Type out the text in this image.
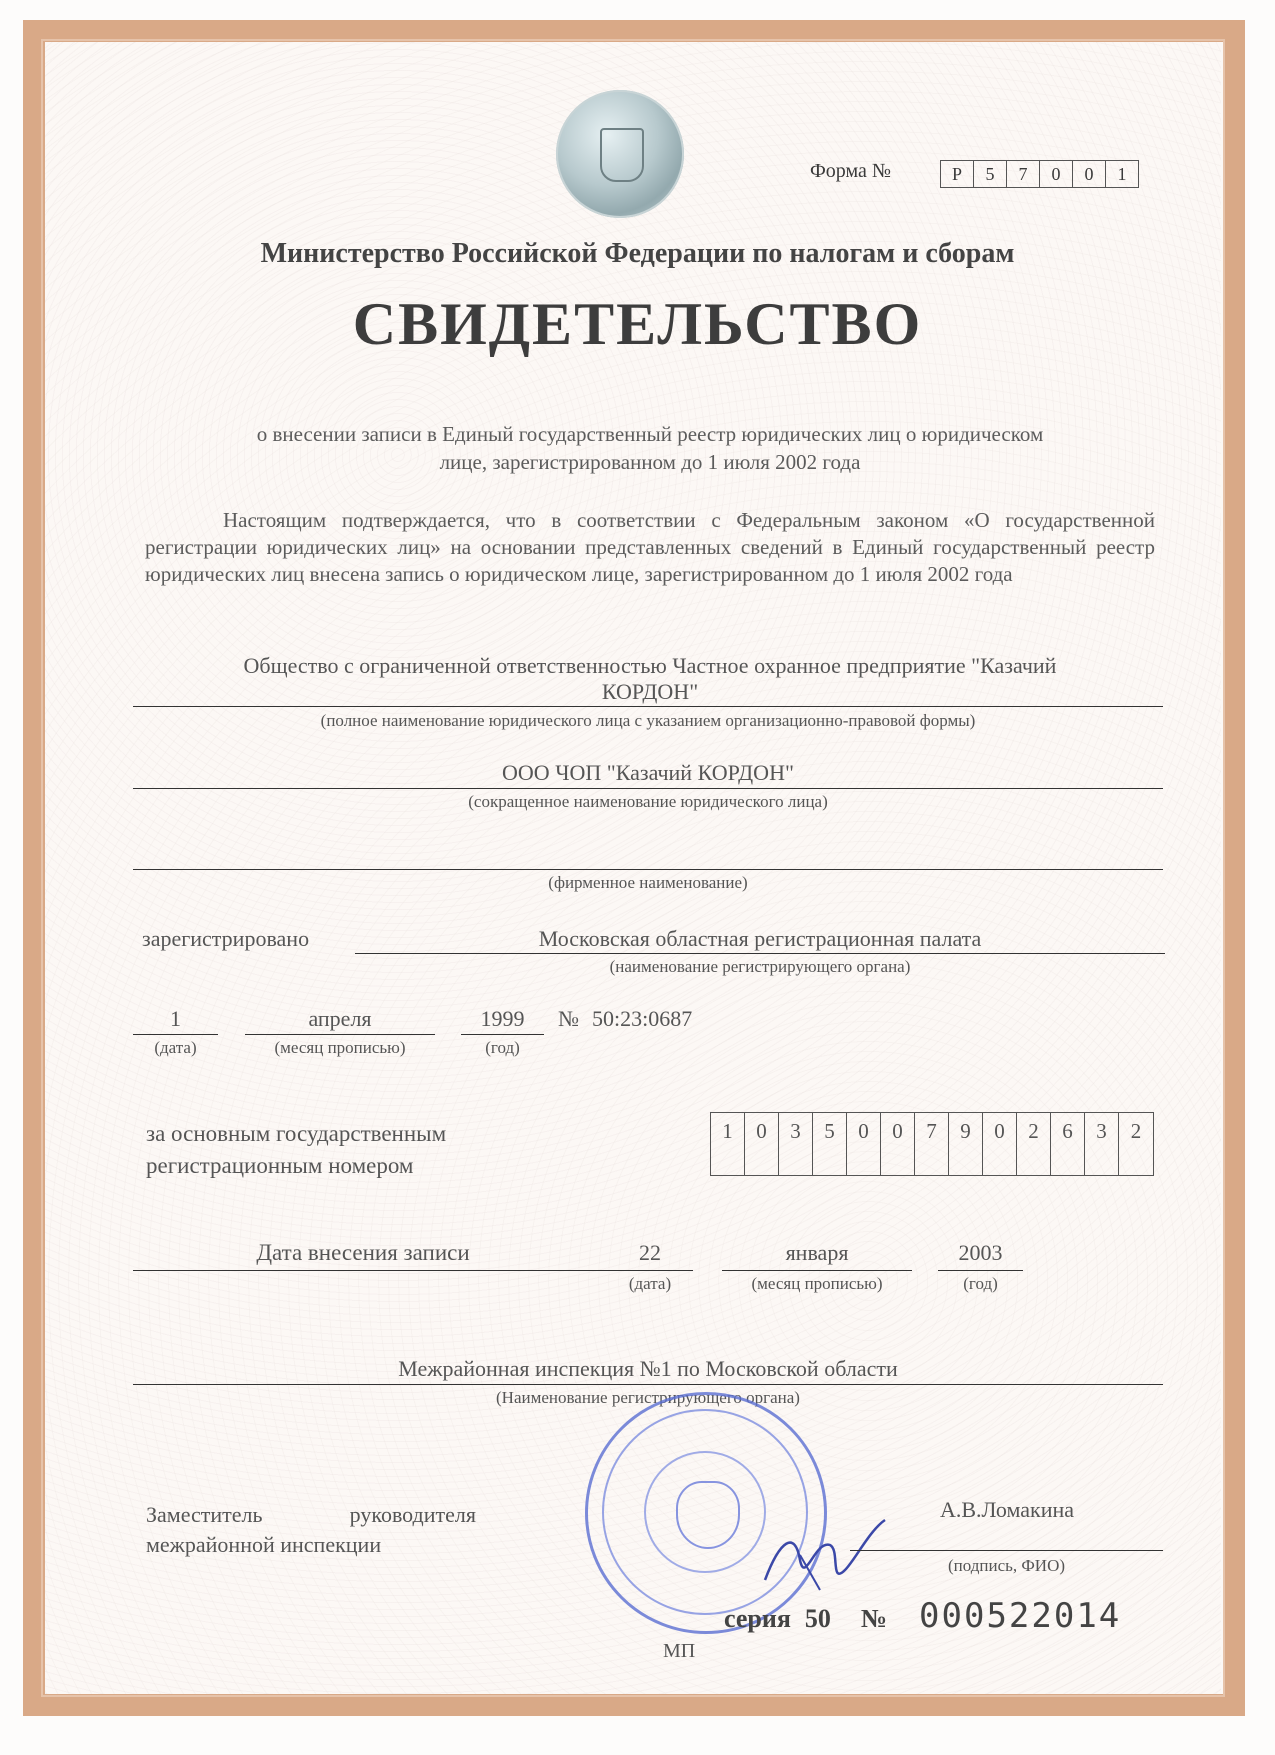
Форма №	Р	5	7	0	0	1
Министерство Российской Федерации по налогам и сборам
СВИДЕТЕЛЬСТВО
о внесении записи в Единый государственный реестр юридических лиц о юридическом
лице, зарегистрированном до 1 июля 2002 года
Настоящим подтверждается, что в соответствии с Федеральным законом «О государственной регистрации юридических лиц» на основании представленных сведений в Единый государственный реестр юридических лиц внесена запись о юридическом лице, зарегистрированном до 1 июля 2002 года
Общество с ограниченной ответственностью Частное охранное предприятие "Казачий
КОРДОН"
(полное наименование юридического лица с указанием организационно-правовой формы)
ООО ЧОП "Казачий КОРДОН"
(сокращенное наименование юридического лица)
(фирменное наименование)
зарегистрировано	Московская областная регистрационная палата
(наименование регистрирующего органа)
1
(дата)
апреля
(месяц прописью)
1999
(год)
№ 50:23:0687
за основным государственным
регистрационным номером
1	0	3	5	0	0	7	9	0	2	6	3	2
Дата внесения записи	22
(дата)
января
(месяц прописью)
2003
(год)
Межрайонная инспекция №1 по Московской области
(Наименование регистрирующего органа)
Заместитель руководителя
межрайонной инспекции
А.В.Ломакина
(подпись, ФИО)
серия 50 № 000522014
МП
